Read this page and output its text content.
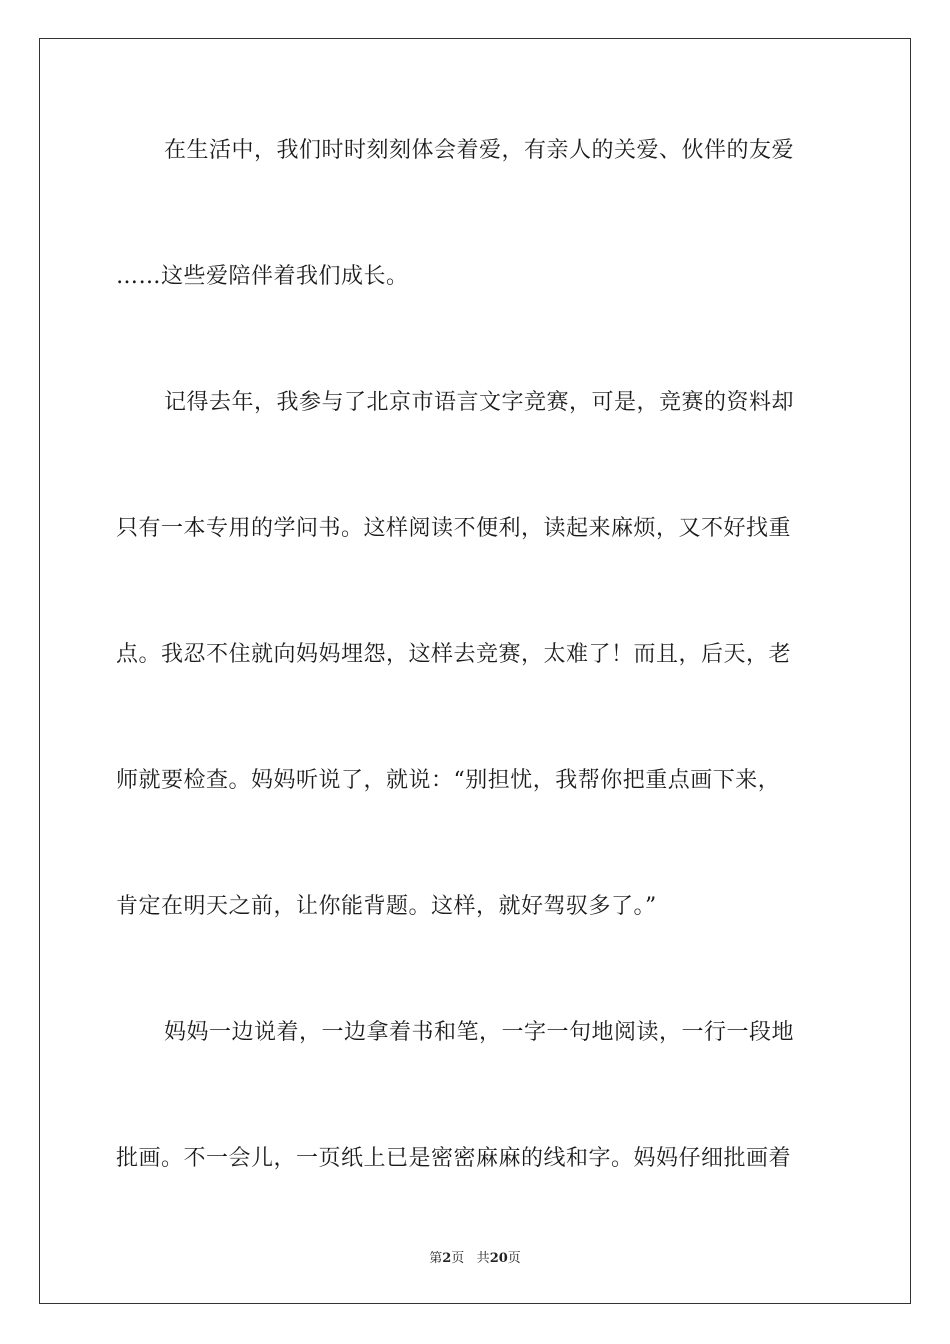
在生活中，我们时时刻刻体会着爱，有亲人的关爱、伙伴的友爱
……这些爱陪伴着我们成长。
记得去年，我参与了北京市语言文字竞赛，可是，竞赛的资料却
只有一本专用的学问书。这样阅读不便利，读起来麻烦，又不好找重
点。我忍不住就向妈妈埋怨，这样去竞赛，太难了！而且，后天，老
师就要检查。妈妈听说了，就说：“别担忧，我帮你把重点画下来，
肯定在明天之前，让你能背题。这样，就好驾驭多了。”
妈妈一边说着，一边拿着书和笔，一字一句地阅读，一行一段地
批画。不一会儿，一页纸上已是密密麻麻的线和字。妈妈仔细批画着
第2页 共20页
